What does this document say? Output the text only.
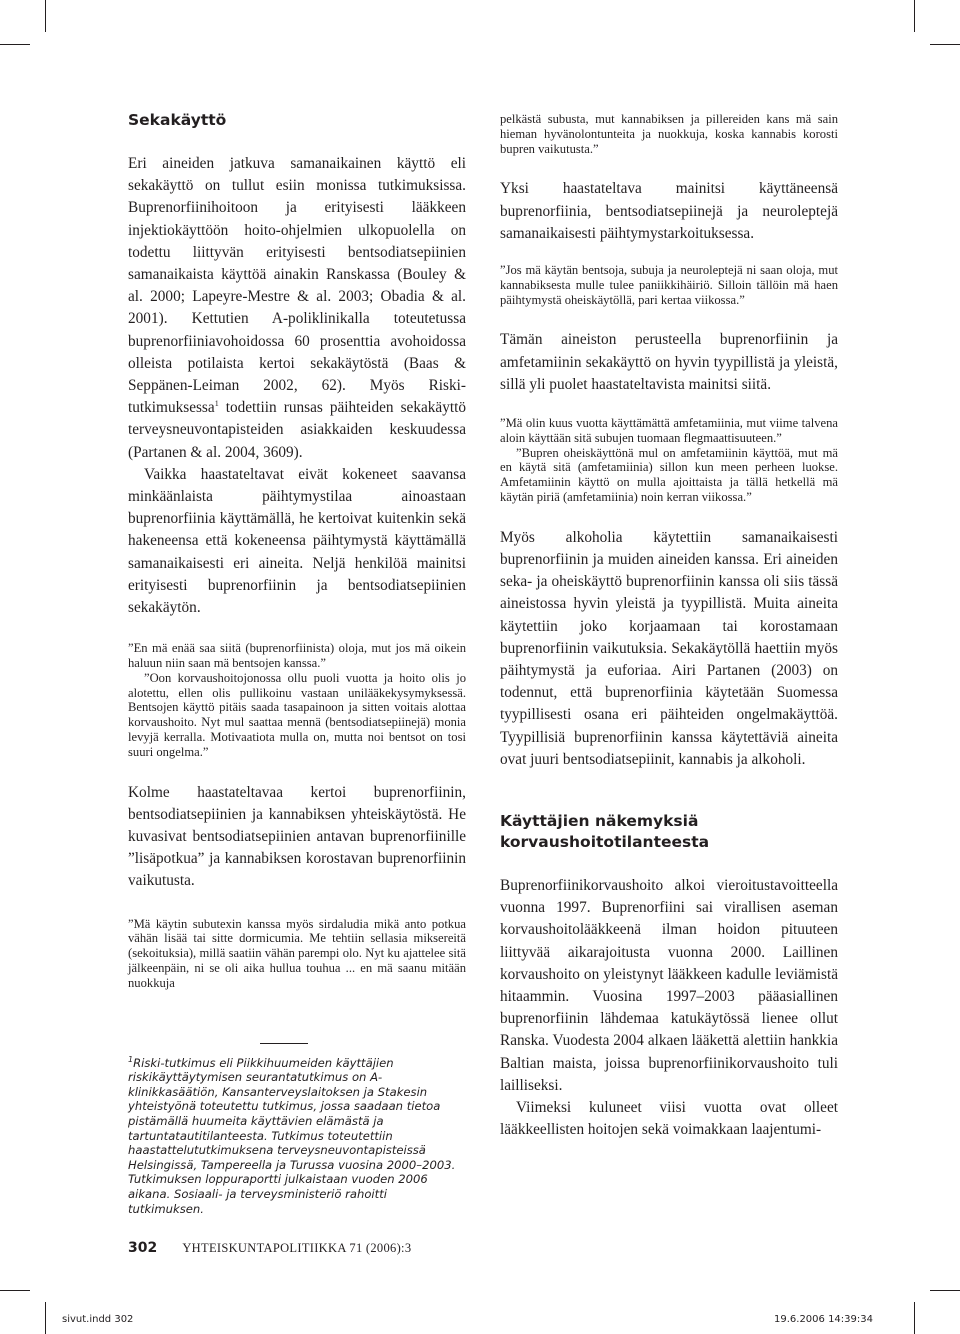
Sekakäyttö

Eri aineiden jatkuva samanaikainen käyttö eli sekakäyttö on tullut esiin monissa tutkimuksissa. Buprenorfiinihoitoon ja erityisesti lääkkeen injektiokäyttöön hoito-ohjelmien ulkopuolella on todettu liittyvän erityisesti bentsodiatsepiinien samanaikaista käyttöä ainakin Ranskassa (Bouley & al. 2000; Lapeyre-Mestre & al. 2003; Obadia & al. 2001). Kettutien A-poliklinikalla toteutetussa buprenorfiiniavohoidossa 60 prosenttia avohoidossa olleista potilaista kertoi sekakäytöstä (Baas & Seppänen-Leiman 2002, 62). Myös Riski-tutkimuksessa$^1$ todettiin runsas päihteiden sekakäyttö terveysneuvontapisteiden asiakkaiden keskuudessa (Partanen & al. 2004, 3609).

Vaikka haastateltavat eivät kokeneet saavansa minkäänlaista päihtymystilaa ainoastaan buprenorfiinia käyttämällä, he kertoivat kuitenkin sekä hakeneensa että kokeneensa päihtymystä käyttämällä samanaikaisesti eri aineita. Neljä henkilöä mainitsi erityisesti buprenorfiinin ja bentsodiatsepiinien sekakäytön.

”En mä enää saa siitä (buprenorfiinista) oloja, mut jos mä oikein haluun niin saan mä bentsojen kanssa.”

”Oon korvaushoitojonossa ollu puoli vuotta ja hoito olis jo alotettu, ellen olis pullikoinu vastaan unilääkekysymyksessä. Bentsojen käyttö pitäis saada tasapainoon ja sitten voitais alottaa korvaushoito. Nyt mul saattaa mennä (bentsodiatsepiinejä) monia levyjä kerralla. Motivaatiota mulla on, mutta noi bentsot on tosi suuri ongelma.”

Kolme haastateltavaa kertoi buprenorfiinin, bentsodiatsepiinien ja kannabiksen yhteiskäytöstä. He kuvasivat bentsodiatsepiinien antavan buprenorfiinille ”lisäpotkua” ja kannabiksen korostavan buprenorfiinin vaikutusta.

”Mä käytin subutexin kanssa myös sirdaludia mikä anto potkua vähän lisää tai sitte dormicumia. Me tehtiin sellasia miksereitä (sekoituksia), millä saatiin vähän parempi olo. Nyt ku ajattelee sitä jälkeenpäin, ni se oli aika hullua touhua ... en mä saanu mitään nuokkuja

$^1$Riski-tutkimus eli Piikkihuumeiden käyttäjien riskikäyttäytymisen seurantatutkimus on A-klinikkasäätiön, Kansanterveyslaitoksen ja Stakesin yhteistyönä toteutettu tutkimus, jossa saadaan tietoa pistämällä huumeita käyttävien elämästä ja tartuntatautitilanteesta. Tutkimus toteutettiin haastattelututkimuksena terveysneuvontapisteissä Helsingissä, Tampereella ja Turussa vuosina 2000–2003. Tutkimuksen loppuraportti julkaistaan vuoden 2006 aikana. Sosiaali- ja terveysministeriö rahoitti tutkimuksen.

pelkästä subusta, mut kannabiksen ja pillereiden kans mä sain hieman hyvänolontunteita ja nuokkuja, koska kannabis korosti bupren vaikutusta.”

Yksi haastateltava mainitsi käyttäneensä buprenorfiinia, bentsodiatsepiinejä ja neuroleptejä samanaikaisesti päihtymystarkoituksessa.

”Jos mä käytän bentsoja, subuja ja neuroleptejä ni saan oloja, mut kannabiksesta mulle tulee paniikkihäiriö. Silloin tällöin mä haen päihtymystä oheiskäytöllä, pari kertaa viikossa.”

Tämän aineiston perusteella buprenorfiinin ja amfetamiinin sekakäyttö on hyvin tyypillistä ja yleistä, sillä yli puolet haastateltavista mainitsi siitä.

”Mä olin kuus vuotta käyttämättä amfetamiinia, mut viime talvena aloin käyttään sitä subujen tuomaan flegmaattisuuteen.”

”Bupren oheiskäyttönä mul on amfetamiinin käyttöä, mut mä en käytä sitä (amfetamiinia) sillon kun meen perheen luokse. Amfetamiinin käyttö on mulla ajoittaista ja tällä hetkellä mä käytän piriä (amfetamiinia) noin kerran viikossa.”

Myös alkoholia käytettiin samanaikaisesti buprenorfiinin ja muiden aineiden kanssa. Eri aineiden seka- ja oheiskäyttö buprenorfiinin kanssa oli siis tässä aineistossa hyvin yleistä ja tyypillistä. Muita aineita käytettiin joko korjaamaan tai korostamaan buprenorfiinin vaikutuksia. Sekakäytöllä haettiin myös päihtymystä ja euforiaa. Airi Partanen (2003) on todennut, että buprenorfiinia käytetään Suomessa tyypillisesti osana eri päihteiden ongelmakäyttöä. Tyypillisiä buprenorfiinin kanssa käytettäviä aineita ovat juuri bentsodiatsepiinit, kannabis ja alkoholi.

Käyttäjien näkemyksiä korvaushoitotilanteesta

Buprenorfiinikorvaushoito alkoi vieroitustavoitteella vuonna 1997. Buprenorfiini sai virallisen aseman korvaushoitolääkkeenä ilman hoidon pituuteen liittyvää aikarajoitusta vuonna 2000. Laillinen korvaushoito on yleistynyt lääkkeen kadulle leviämistä hitaammin. Vuosina 1997–2003 pääasiallinen buprenorfiinin lähdemaa katukäytössä lienee ollut Ranska. Vuodesta 2004 alkaen lääkettä alettiin hankkia Baltian maista, joissa buprenorfiinikorvaushoito tuli lailliseksi.

Viimeksi kuluneet viisi vuotta ovat olleet lääkkeellisten hoitojen sekä voimakkaan laajentumi-

302 YHTEISKUNTAPOLITIIKKA 71 (2006):3
sivut.indd 302	19.6.2006 14:39:34
